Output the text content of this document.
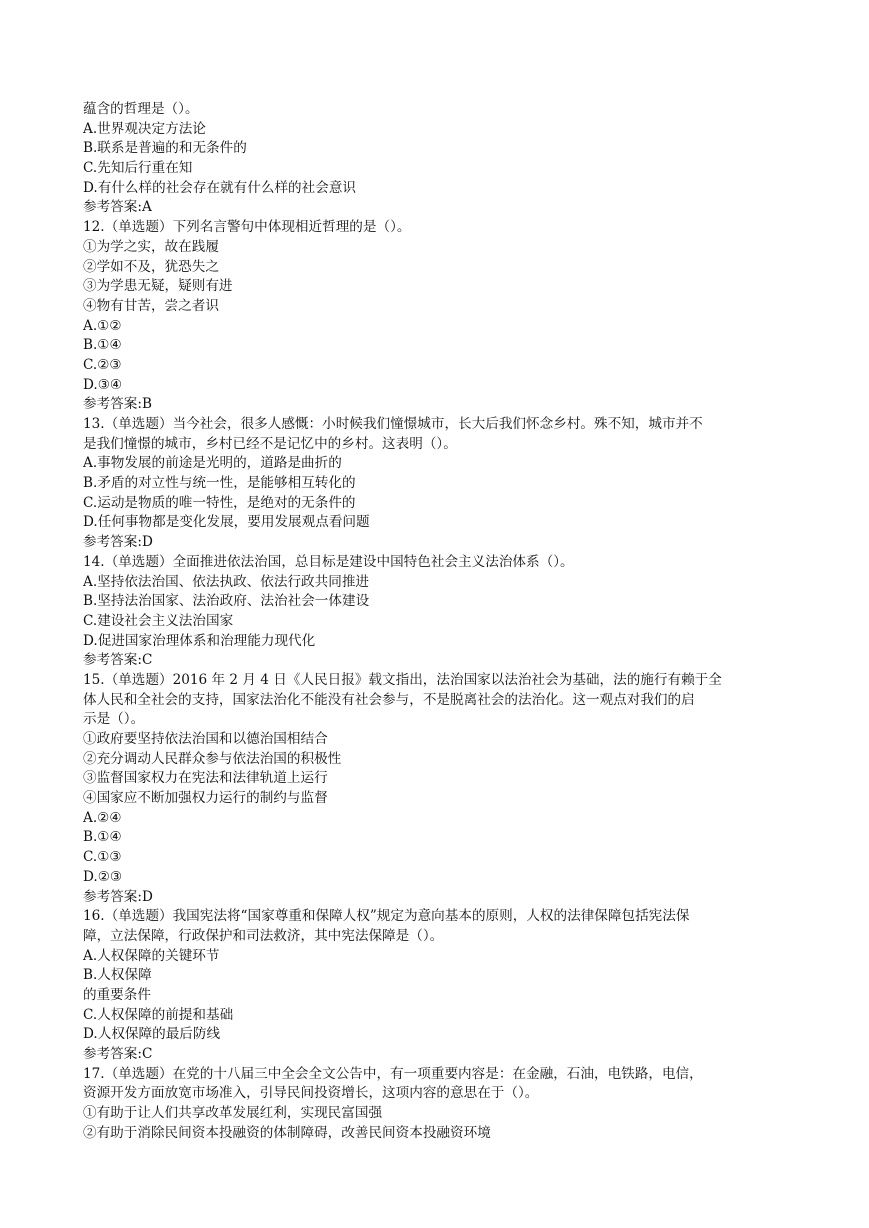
蕴含的哲理是（）。
A.世界观决定方法论
B.联系是普遍的和无条件的
C.先知后行重在知
D.有什么样的社会存在就有什么样的社会意识
参考答案:A
12.（单选题）下列名言警句中体现相近哲理的是（）。
①为学之实，故在践履
②学如不及，犹恐失之
③为学患无疑，疑则有进
④物有甘苦，尝之者识
A.①②
B.①④
C.②③
D.③④
参考答案:B
13.（单选题）当今社会，很多人感慨：小时候我们憧憬城市，长大后我们怀念乡村。殊不知，城市并不
是我们憧憬的城市，乡村已经不是记忆中的乡村。这表明（）。
A.事物发展的前途是光明的，道路是曲折的
B.矛盾的对立性与统一性，是能够相互转化的
C.运动是物质的唯一特性，是绝对的无条件的
D.任何事物都是变化发展，要用发展观点看问题
参考答案:D
14.（单选题）全面推进依法治国，总目标是建设中国特色社会主义法治体系（）。
A.坚持依法治国、依法执政、依法行政共同推进
B.坚持法治国家、法治政府、法治社会一体建设
C.建设社会主义法治国家
D.促进国家治理体系和治理能力现代化
参考答案:C
15.（单选题）2016 年 2 月 4 日《人民日报》载文指出，法治国家以法治社会为基础，法的施行有赖于全
体人民和全社会的支持，国家法治化不能没有社会参与，不是脱离社会的法治化。这一观点对我们的启
示是（）。
①政府要坚持依法治国和以德治国相结合
②充分调动人民群众参与依法治国的积极性
③监督国家权力在宪法和法律轨道上运行
④国家应不断加强权力运行的制约与监督
A.②④
B.①④
C.①③
D.②③
参考答案:D
16.（单选题）我国宪法将“国家尊重和保障人权”规定为意向基本的原则，人权的法律保障包括宪法保
障，立法保障，行政保护和司法救济，其中宪法保障是（）。
A.人权保障的关键环节
B.人权保障
的重要条件
C.人权保障的前提和基础
D.人权保障的最后防线
参考答案:C
17.（单选题）在党的十八届三中全会全文公告中，有一项重要内容是：在金融，石油，电铁路，电信，
资源开发方面放宽市场准入，引导民间投资增长，这项内容的意思在于（）。
①有助于让人们共享改革发展红利，实现民富国强
②有助于消除民间资本投融资的体制障碍，改善民间资本投融资环境
